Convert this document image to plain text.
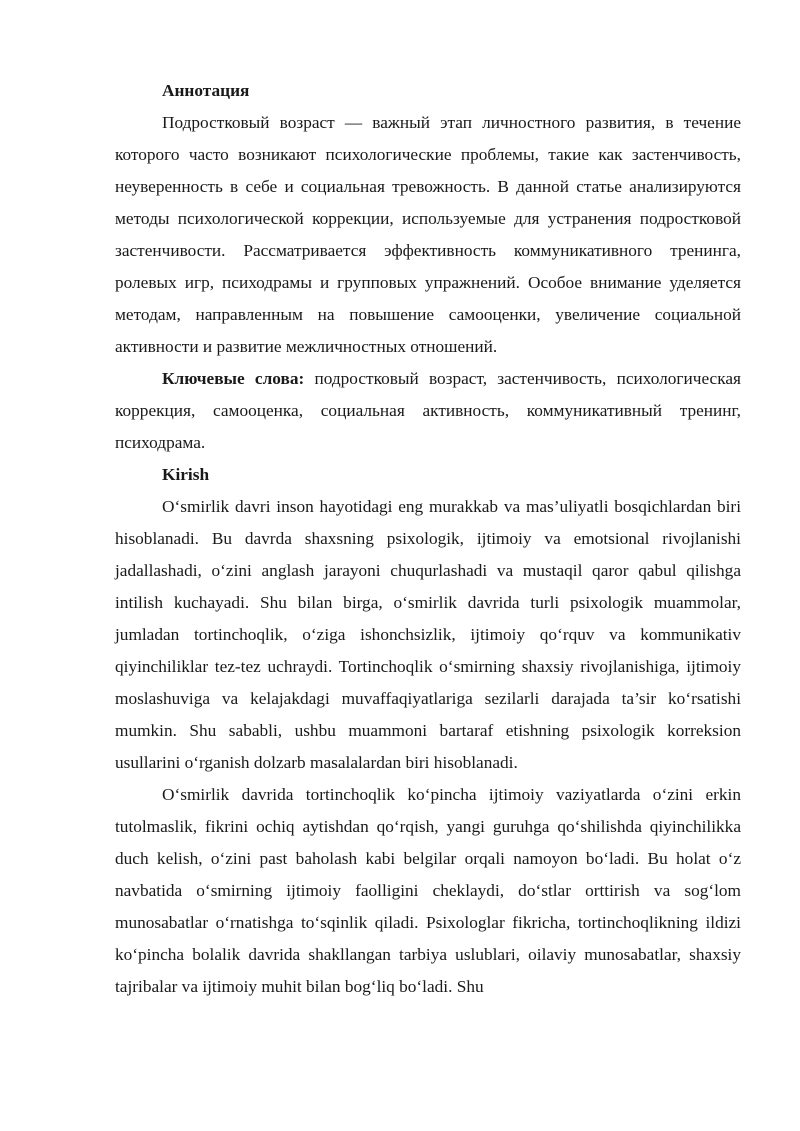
Аннотация

Подростковый возраст — важный этап личностного развития, в течение которого часто возникают психологические проблемы, такие как застенчивость, неуверенность в себе и социальная тревожность. В данной статье анализируются методы психологической коррекции, используемые для устранения подростковой застенчивости. Рассматривается эффективность коммуникативного тренинга, ролевых игр, психодрамы и групповых упражнений. Особое внимание уделяется методам, направленным на повышение самооценки, увеличение социальной активности и развитие межличностных отношений.

Ключевые слова: подростковый возраст, застенчивость, психологическая коррекция, самооценка, социальная активность, коммуникативный тренинг, психодрама.

Kirish

O‘smirlik davri inson hayotidagi eng murakkab va mas’uliyatli bosqichlardan biri hisoblanadi. Bu davrda shaxsning psixologik, ijtimoiy va emotsional rivojlanishi jadallashadi, o‘zini anglash jarayoni chuqurlashadi va mustaqil qaror qabul qilishga intilish kuchayadi. Shu bilan birga, o‘smirlik davrida turli psixologik muammolar, jumladan tortinchoqlik, o‘ziga ishonchsizlik, ijtimoiy qo‘rquv va kommunikativ qiyinchiliklar tez-tez uchraydi. Tortinchoqlik o‘smirning shaxsiy rivojlanishiga, ijtimoiy moslashuviga va kelajakdagi muvaffaqiyatlariga sezilarli darajada ta’sir ko‘rsatishi mumkin. Shu sababli, ushbu muammoni bartaraf etishning psixologik korreksion usullarini o‘rganish dolzarb masalalardan biri hisoblanadi.

O‘smirlik davrida tortinchoqlik ko‘pincha ijtimoiy vaziyatlarda o‘zini erkin tutolmaslik, fikrini ochiq aytishdan qo‘rqish, yangi guruhga qo‘shilishda qiyinchilikka duch kelish, o‘zini past baholash kabi belgilar orqali namoyon bo‘ladi. Bu holat o‘z navbatida o‘smirning ijtimoiy faolligini cheklaydi, do‘stlar orttirish va sog‘lom munosabatlar o‘rnatishga to‘sqinlik qiladi. Psixologlar fikricha, tortinchoqlikning ildizi ko‘pincha bolalik davrida shakllangan tarbiya uslublari, oilaviy munosabatlar, shaxsiy tajribalar va ijtimoiy muhit bilan bog‘liq bo‘ladi. Shu
